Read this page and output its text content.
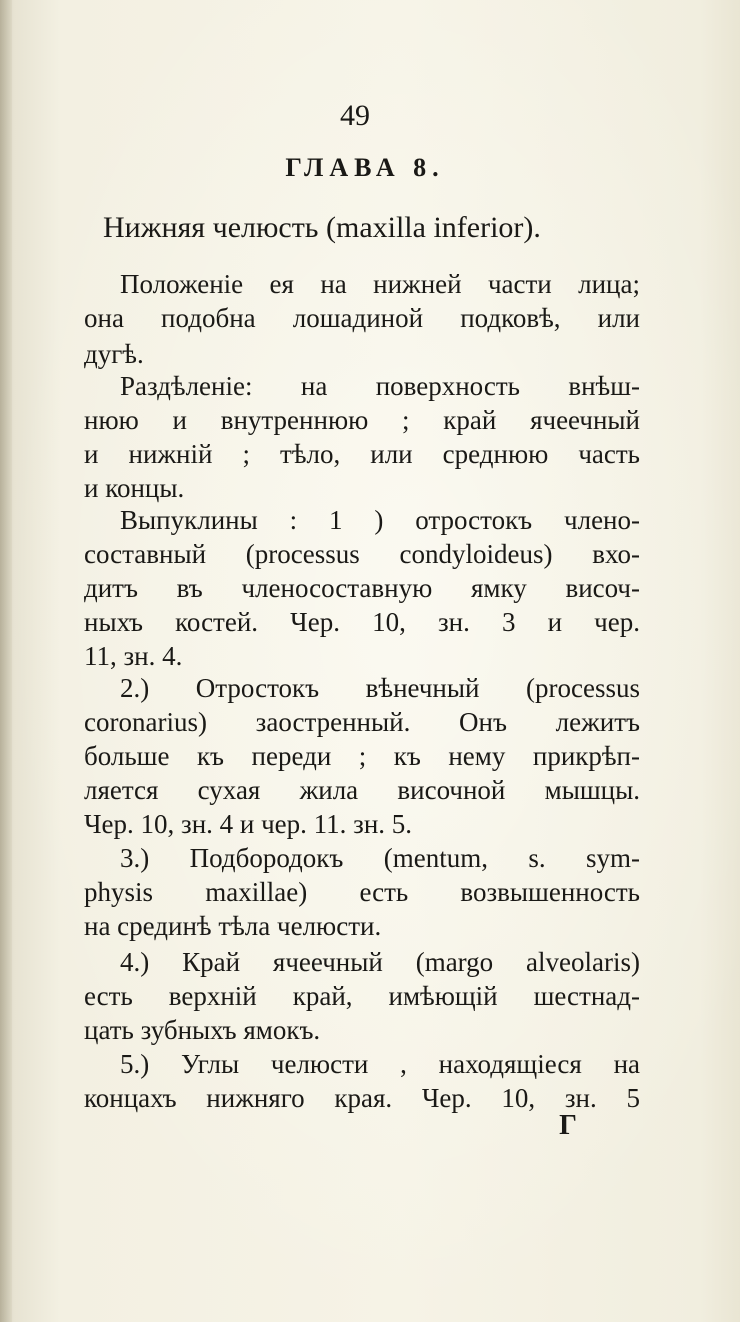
49
ГЛАВА 8.
Нижняя челюсть (maxilla inferior).
Положеніе ея на нижней части лица;
она подобна лошадиной подковѣ, или
дугѣ.
Раздѣленіе: на поверхность внѣш-
нюю и внутреннюю ; край ячеечный
и нижній ; тѣло, или среднюю часть
и концы.
Выпуклины : 1 ) отростокъ члено-
составный (processus condyloideus) вхо-
дитъ въ членосоставную ямку височ-
ныхъ костей. Чер. 10, зн. 3 и чер.
11, зн. 4.
2.) Отростокъ вѣнечный (processus
coronarius) заостренный. Онъ лежитъ
больше къ переди ; къ нему прикрѣп-
ляется сухая жила височной мышцы.
Чер. 10, зн. 4 и чер. 11. зн. 5.
3.) Подбородокъ (mentum, s. sym-
physis maxillae) есть возвышенность
на срединѣ тѣла челюсти.
4.) Край ячеечный (margo alveolaris)
есть верхній край, имѣющій шестнад-
цать зубныхъ ямокъ.
5.) Углы челюсти , находящіеся на
концахъ нижняго края. Чер. 10, зн. 5
Г
